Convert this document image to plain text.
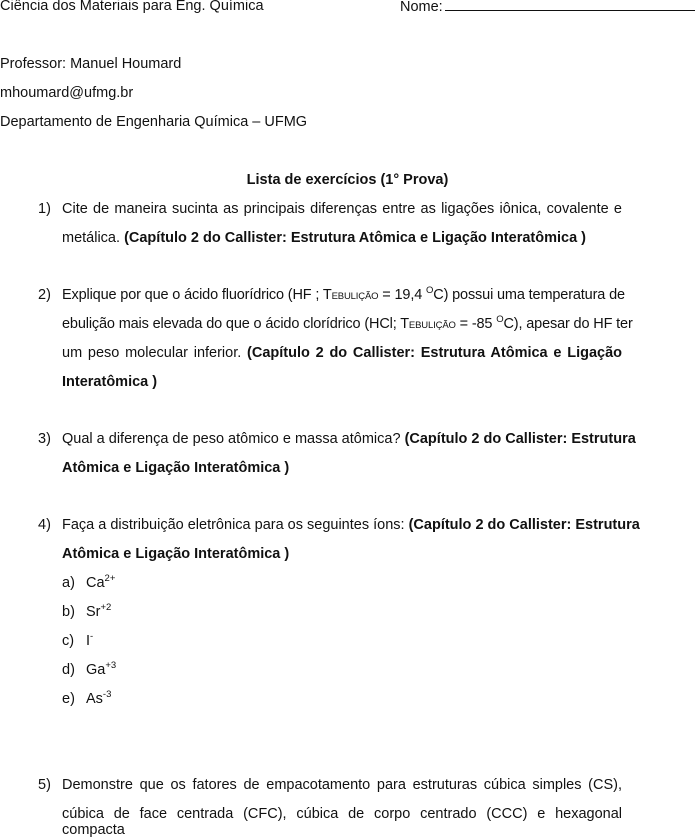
Ciência dos Materiais para Eng. Química	Nome:
Professor: Manuel Houmard
mhoumard@ufmg.br
Departamento de Engenharia Química – UFMG
Lista de exercícios (1° Prova)
1) Cite de maneira sucinta as principais diferenças entre as ligações iônica, covalente e
metálica. (Capítulo 2 do Callister: Estrutura Atômica e Ligação Interatômica )
2) Explique por que o ácido fluorídrico (HF ; TEBULIÇÃO = 19,4 $^O$C) possui uma temperatura de
ebulição mais elevada do que o ácido clorídrico (HCl; TEBULIÇÃO = -85 $^O$C), apesar do HF ter
um peso molecular inferior. (Capítulo 2 do Callister: Estrutura Atômica e Ligação
Interatômica )
3) Qual a diferença de peso atômico e massa atômica? (Capítulo 2 do Callister: Estrutura
Atômica e Ligação Interatômica )
4) Faça a distribuição eletrônica para os seguintes íons: (Capítulo 2 do Callister: Estrutura
Atômica e Ligação Interatômica )
a) $Ca^{2+}$
b) $Sr^{+2}$
c) I-
d) $Ga^{+3}$
e) $As^{-3}$
5) Demonstre que os fatores de empacotamento para estruturas cúbica simples (CS),
cúbica de face centrada (CFC), cúbica de corpo centrado (CCC) e hexagonal compacta
